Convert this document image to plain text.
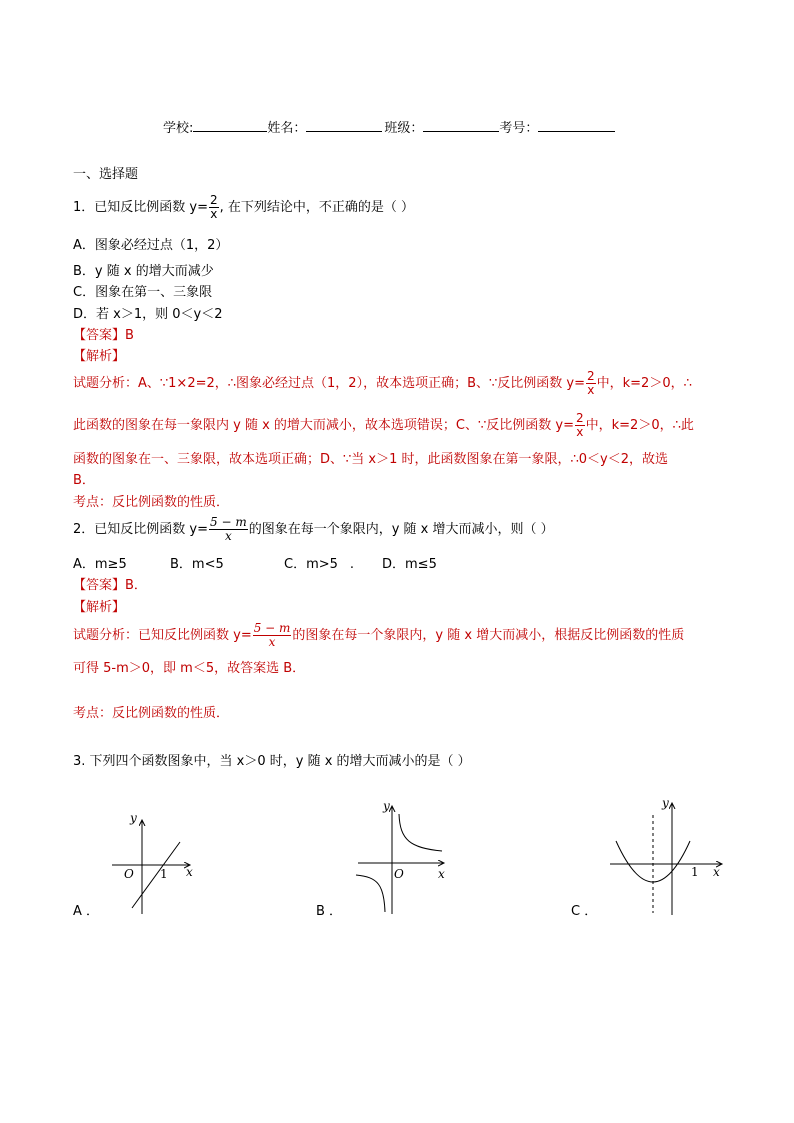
学校:	姓名：	班级：	考号：
一、选择题
1．已知反比例函数 $y= \frac{2}{x}$ , 在下列结论中，不正确的是（ ）
A．图象必经过点（1，2）
B．y 随 x 的增大而减少
C．图象在第一、三象限
D．若 x＞1，则 0＜y＜2
【答案】B
【解析】
试题分析：A、∵1×2=2，∴图象必经过点（1，2），故本选项正确；B、∵反比例函数 $y= \frac{2}{x}$ 中，k=2＞0，∴
此函数的图象在每一象限内 y 随 x 的增大而减小，故本选项错误；C、∵反比例函数 $y= \frac{2}{x}$ 中，k=2＞0，∴此
函数的图象在一、三象限，故本选项正确；D、∵当 x＞1 时，此函数图象在第一象限，∴0＜y＜2，故选
B．
考点：反比例函数的性质．
2．已知反比例函数 $y= \frac{5 - m}{x}$ 的图象在每一个象限内，y 随 x 增大而减小，则（ ）
A．m≥5	B．m<5	C．m>5 . D．m≤5
【答案】B．
【解析】
试题分析：已知反比例函数 $y= \frac{5 - m}{x}$ 的图象在每一个象限内，y 随 x 增大而减小，根据反比例函数的性质
可得 5-m＞0，即 m＜5，故答案选 B．
考点：反比例函数的性质．
3. 下列四个函数图象中，当 x＞0 时，y 随 x 的增大而减小的是（ ）
y
x
O 1
A ．
y
x
O
B ．
y
x
1
C ．
